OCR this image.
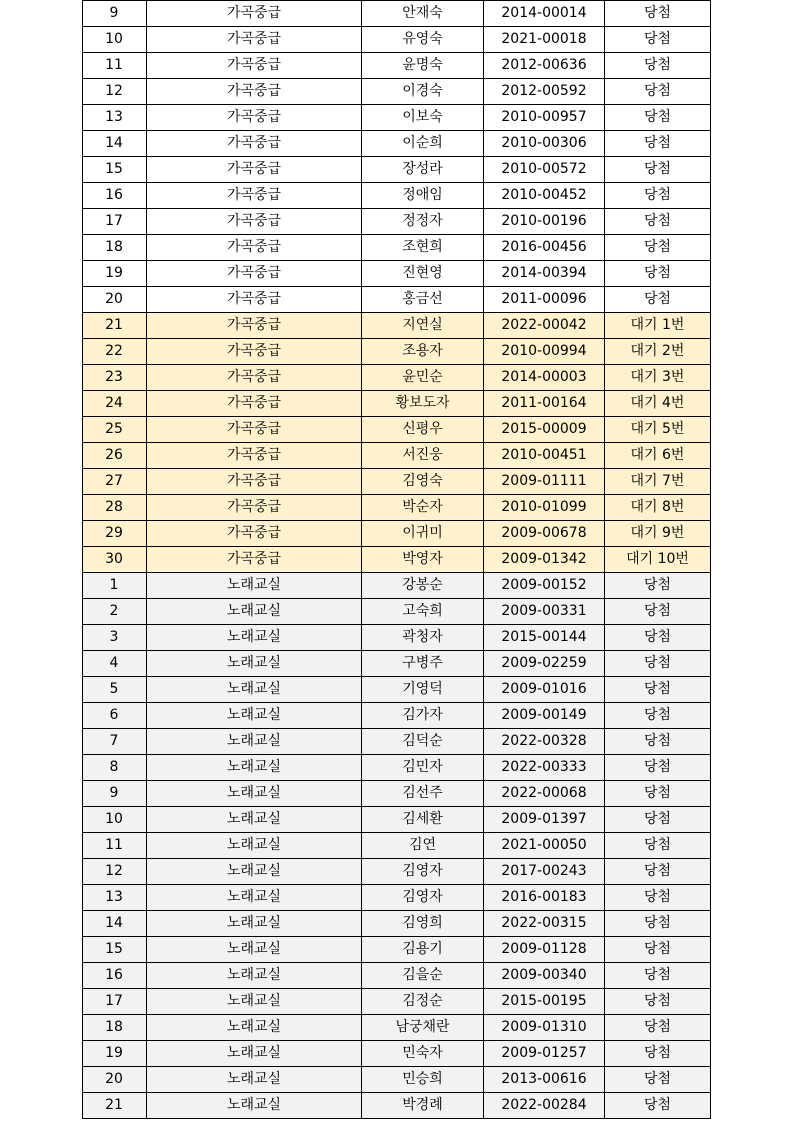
9	가곡중급	안재숙	2014-00014	당첨
10	가곡중급	유영숙	2021-00018	당첨
11	가곡중급	윤명숙	2012-00636	당첨
12	가곡중급	이경숙	2012-00592	당첨
13	가곡중급	이보숙	2010-00957	당첨
14	가곡중급	이순희	2010-00306	당첨
15	가곡중급	장성라	2010-00572	당첨
16	가곡중급	정애임	2010-00452	당첨
17	가곡중급	정정자	2010-00196	당첨
18	가곡중급	조현희	2016-00456	당첨
19	가곡중급	진현영	2014-00394	당첨
20	가곡중급	홍금선	2011-00096	당첨
21	가곡중급	지연실	2022-00042	대기 1번
22	가곡중급	조용자	2010-00994	대기 2번
23	가곡중급	윤민순	2014-00003	대기 3번
24	가곡중급	황보도자	2011-00164	대기 4번
25	가곡중급	신평우	2015-00009	대기 5번
26	가곡중급	서진웅	2010-00451	대기 6번
27	가곡중급	김영숙	2009-01111	대기 7번
28	가곡중급	박순자	2010-01099	대기 8번
29	가곡중급	이귀미	2009-00678	대기 9번
30	가곡중급	박영자	2009-01342	대기 10번
1	노래교실	강봉순	2009-00152	당첨
2	노래교실	고숙희	2009-00331	당첨
3	노래교실	곽청자	2015-00144	당첨
4	노래교실	구병주	2009-02259	당첨
5	노래교실	기영덕	2009-01016	당첨
6	노래교실	김가자	2009-00149	당첨
7	노래교실	김덕순	2022-00328	당첨
8	노래교실	김민자	2022-00333	당첨
9	노래교실	김선주	2022-00068	당첨
10	노래교실	김세환	2009-01397	당첨
11	노래교실	김연	2021-00050	당첨
12	노래교실	김영자	2017-00243	당첨
13	노래교실	김영자	2016-00183	당첨
14	노래교실	김영희	2022-00315	당첨
15	노래교실	김용기	2009-01128	당첨
16	노래교실	김을순	2009-00340	당첨
17	노래교실	김정순	2015-00195	당첨
18	노래교실	남궁채란	2009-01310	당첨
19	노래교실	민숙자	2009-01257	당첨
20	노래교실	민승희	2013-00616	당첨
21	노래교실	박경례	2022-00284	당첨
